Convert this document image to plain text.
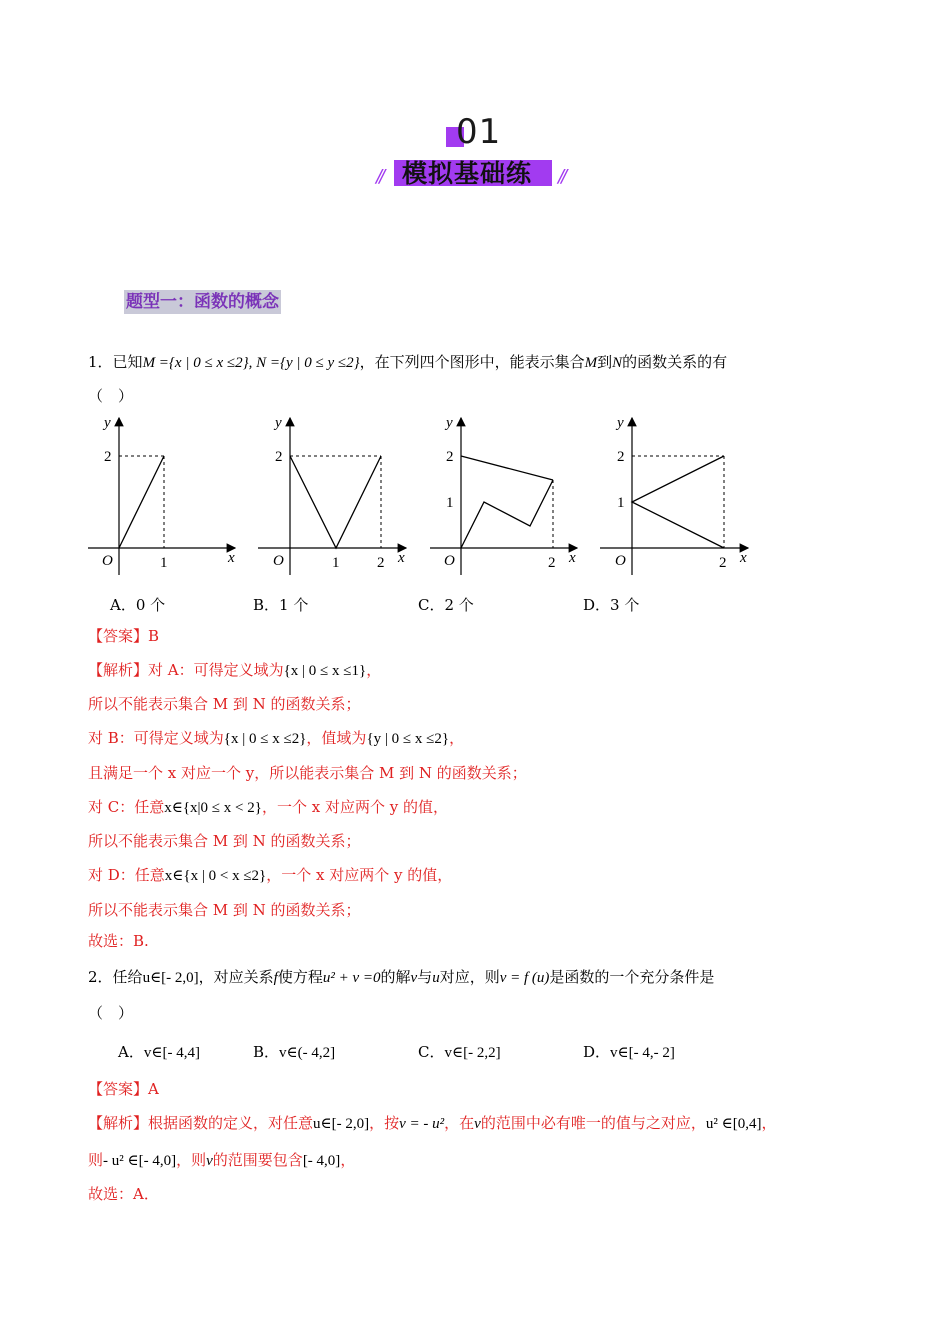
01
// 模拟基础练 //
题型一：函数的概念
1．已知M ={x | 0 ≤ x ≤2}, N ={y | 0 ≤ y ≤2}，在下列四个图形中，能表示集合M到N的函数关系的有
（　）
y
x
O
2
1
y
x
O
2
1	2
y
x
O
2
1
2
y
x
O
2
1
2
A．0 个	B．1 个	C．2 个	D．3 个
【答案】B
【解析】对 A：可得定义域为{x | 0 ≤ x ≤1}，
所以不能表示集合 M 到 N 的函数关系；
对 B：可得定义域为{x | 0 ≤ x ≤2}，值域为{y | 0 ≤ x ≤2}，
且满足一个 x 对应一个 y，所以能表示集合 M 到 N 的函数关系；
对 C：任意x∈{x|0 ≤ x < 2}，一个 x 对应两个 y 的值，
所以不能表示集合 M 到 N 的函数关系；
对 D：任意x∈{x | 0 < x ≤2}，一个 x 对应两个 y 的值，
所以不能表示集合 M 到 N 的函数关系；
故选：B.
2．任给u∈[- 2,0]，对应关系f使方程u² + v =0的解v与u对应，则v = f (u)是函数的一个充分条件是
（　）
A．v∈[- 4,4]	B．v∈(- 4,2]	C．v∈[- 2,2]	D．v∈[- 4,- 2]
【答案】A
【解析】根据函数的定义，对任意u∈[- 2,0]，按v = - u²，在v的范围中必有唯一的值与之对应，u² ∈[0,4]，
则- u² ∈[- 4,0]，则v的范围要包含[- 4,0]，
故选：A．
